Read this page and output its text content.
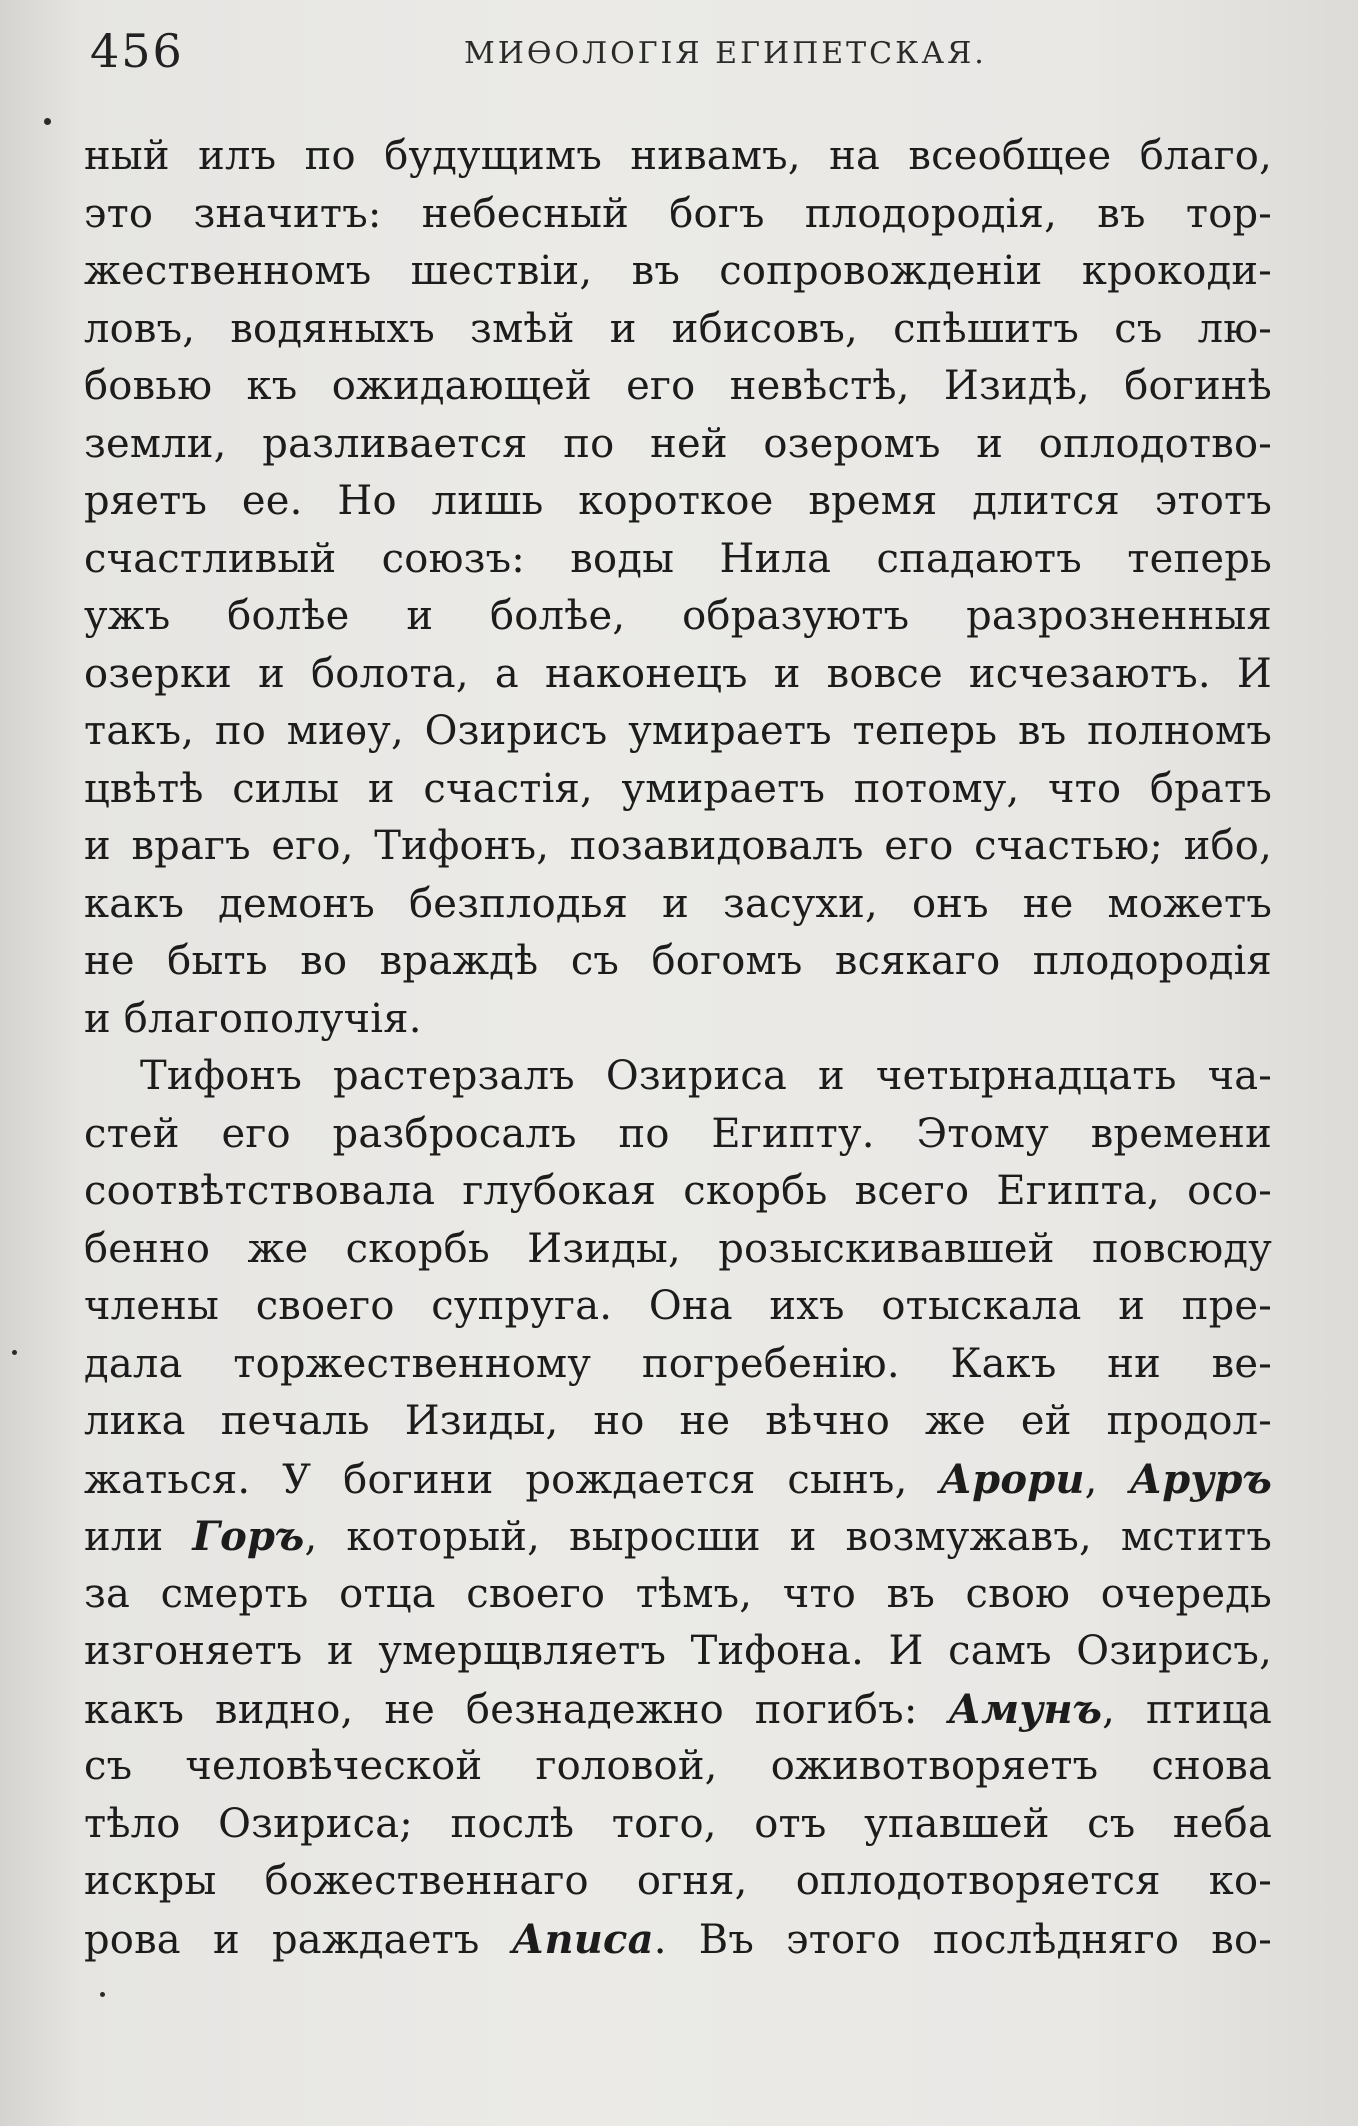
456	МИѲОЛОГІЯ ЕГИПЕТСКАЯ.
ный илъ по будущимъ нивамъ, на всеобщее благо,
это значитъ: небесный богъ плодородія, въ тор-
жественномъ шествіи, въ сопровожденіи крокоди-
ловъ, водяныхъ змѣй и ибисовъ, спѣшитъ съ лю-
бовью къ ожидающей его невѣстѣ, Изидѣ, богинѣ
земли, разливается по ней озеромъ и оплодотво-
ряетъ ее. Но лишь короткое время длится этотъ
счастливый союзъ: воды Нила спадаютъ теперь
ужъ болѣе и болѣе, образуютъ разрозненныя
озерки и болота, а наконецъ и вовсе исчезаютъ. И
такъ, по миѳу, Озирисъ умираетъ теперь въ полномъ
цвѣтѣ силы и счастія, умираетъ потому, что братъ
и врагъ его, Тифонъ, позавидовалъ его счастью; ибо,
какъ демонъ безплодья и засухи, онъ не можетъ
не быть во враждѣ съ богомъ всякаго плодородія
и благополучія.
Тифонъ растерзалъ Озириса и четырнадцать ча-
стей его разбросалъ по Египту. Этому времени
соотвѣтствовала глубокая скорбь всего Египта, осо-
бенно же скорбь Изиды, розыскивавшей повсюду
члены своего супруга. Она ихъ отыскала и пре-
дала торжественному погребенію. Какъ ни ве-
лика печаль Изиды, но не вѣчно же ей продол-
жаться. У богини рождается сынъ, Арори, Аруръ
или Горъ, который, выросши и возмужавъ, мститъ
за смерть отца своего тѣмъ, что въ свою очередь
изгоняетъ и умерщвляетъ Тифона. И самъ Озирисъ,
какъ видно, не безнадежно погибъ: Амунъ, птица
съ человѣческой головой, оживотворяетъ снова
тѣло Озириса; послѣ того, отъ упавшей съ неба
искры божественнаго огня, оплодотворяется ко-
рова и раждаетъ Аписа. Въ этого послѣдняго во-
